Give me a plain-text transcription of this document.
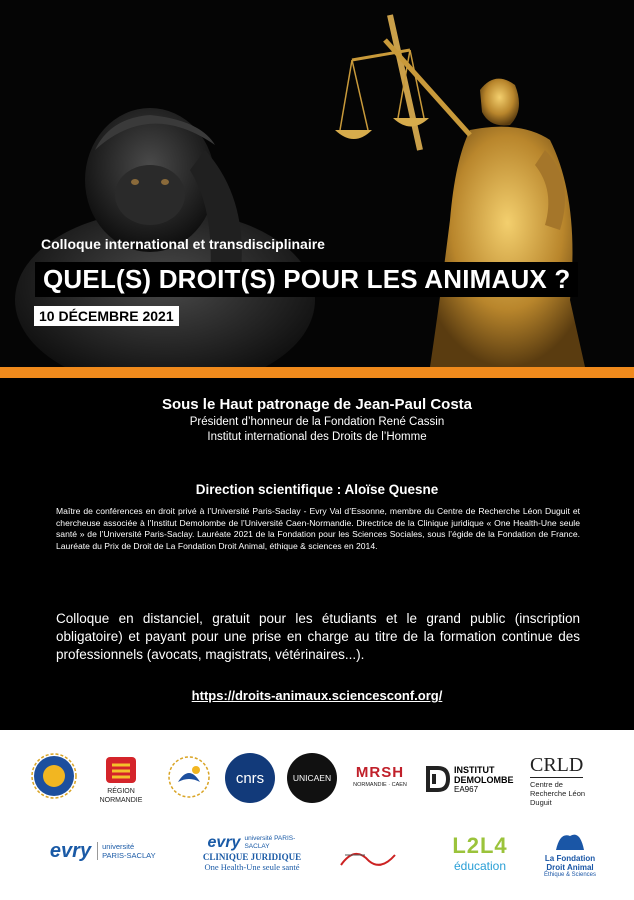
Colloque international et transdisciplinaire
QUEL(S) DROIT(S) POUR LES ANIMAUX ?
10 DÉCEMBRE 2021
Sous le Haut patronage de Jean-Paul Costa
Président d’honneur de la Fondation René Cassin
Institut international des Droits de l’Homme
Direction scientifique : Aloïse Quesne
Maître de conférences en droit privé à l’Université Paris-Saclay - Evry Val d’Essonne, membre du Centre de Recherche Léon Duguit et chercheuse associée à l’Institut Demolombe de l’Université Caen-Normandie. Directrice de la Clinique juridique « One Health-Une seule santé » de l’Université Paris-Saclay. Lauréate 2021 de la Fondation pour les Sciences Sociales, sous l’égide de la Fondation de France. Lauréate du Prix de Droit de La Fondation Droit Animal, éthique & sciences en 2014.
Colloque en distanciel, gratuit pour les étudiants et le grand public (inscription obligatoire) et payant pour une prise en charge au titre de la formation continue des professionnels (avocats, magistrats, vétérinaires...).
https://droits-animaux.sciencesconf.org/
RÉGION NORMANDIE
cnrs	UNICAEN MRSH
NORMANDIE · CAEN
INSTITUT DEMOLOMBE
EA967
CRLD
Centre de Recherche Léon Duguit
evry	université PARIS-SACLAY
evry université PARIS-SACLAY
CLINIQUE JURIDIQUE
One Health-Une seule santé
L2L4
éducation
La Fondation
Droit Animal
Éthique & Sciences
